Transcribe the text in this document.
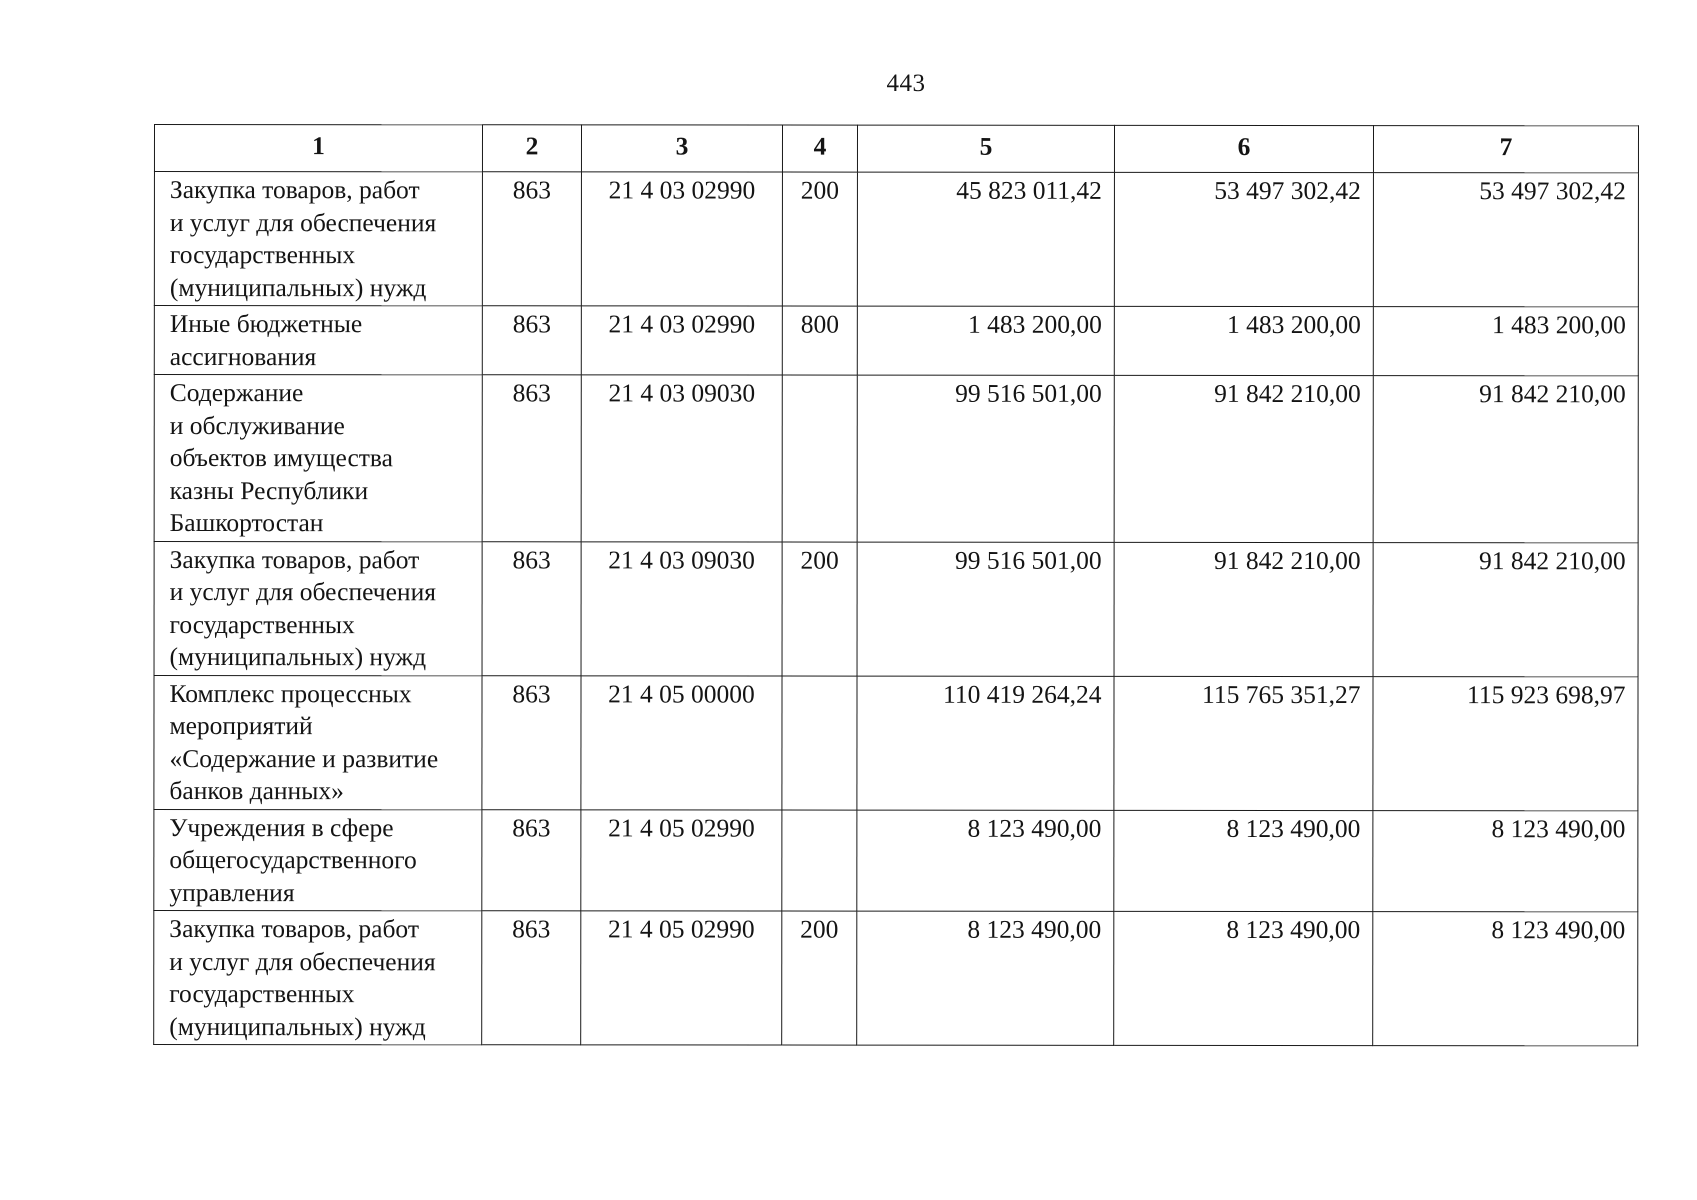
443
1	2	3	4	5	6	7
Закупка товаров, работ
и услуг для обеспечения
государственных
(муниципальных) нужд	863	21 4 03 02990	200	45 823 011,42	53 497 302,42	53 497 302,42
Иные бюджетные
ассигнования	863	21 4 03 02990	800	1 483 200,00	1 483 200,00	1 483 200,00
Содержание
и обслуживание
объектов имущества
казны Республики
Башкортостан	863	21 4 03 09030		99 516 501,00	91 842 210,00	91 842 210,00
Закупка товаров, работ
и услуг для обеспечения
государственных
(муниципальных) нужд	863	21 4 03 09030	200	99 516 501,00	91 842 210,00	91 842 210,00
Комплекс процессных
мероприятий
«Содержание и развитие
банков данных»	863	21 4 05 00000		110 419 264,24	115 765 351,27	115 923 698,97
Учреждения в сфере
общегосударственного
управления	863	21 4 05 02990		8 123 490,00	8 123 490,00	8 123 490,00
Закупка товаров, работ
и услуг для обеспечения
государственных
(муниципальных) нужд	863	21 4 05 02990	200	8 123 490,00	8 123 490,00	8 123 490,00
